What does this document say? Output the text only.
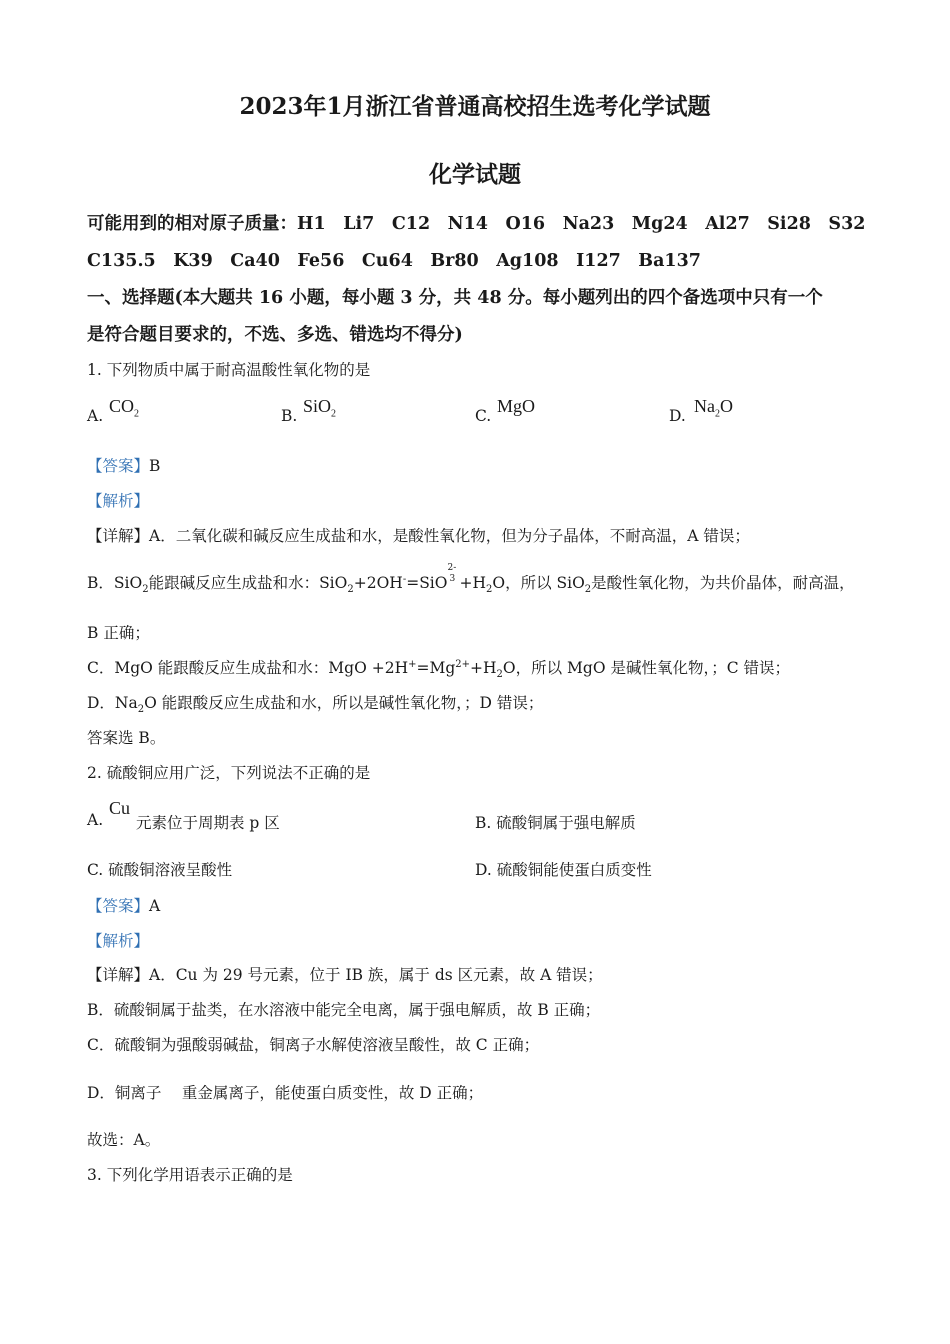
2023年1月浙江省普通高校招生选考化学试题
化学试题
可能用到的相对原子质量：H1　Li7　C12　N14　O16　Na23　Mg24　Al27　Si28　S32
C135.5　K39　Ca40　Fe56　Cu64　Br80　Ag108　I127　Ba137
一、选择题(本大题共 16 小题，每小题 3 分，共 48 分。每小题列出的四个备选项中只有一个
是符合题目要求的，不选、多选、错选均不得分)
1. 下列物质中属于耐高温酸性氧化物的是
A. $CO_2$	B. SiO$_2$	C. MgO	D. $Na_2O$
【答案】B
【解析】
【详解】A．二氧化碳和碱反应生成盐和水，是酸性氧化物，但为分子晶体，不耐高温，A 错误；
B．SiO$_2$能跟碱反应生成盐和水：SiO$_2$+2OH-=SiO
2-
$3 +H_2O$，所以 SiO$_2$是酸性氧化物，为共价晶体，耐高温，
B 正确；
C．MgO 能跟酸反应生成盐和水：MgO $+2H^+=Mg^{2+}+H_2O$，所以 MgO 是碱性氧化物，；C 错误；
D．$Na_2O$ 能跟酸反应生成盐和水，所以是碱性氧化物，；D 错误；
答案选 B。
2. 硫酸铜应用广泛，下列说法不正确的是
A.
Cu
元素位于周期表 p 区	B. 硫酸铜属于强电解质
C. 硫酸铜溶液呈酸性	D. 硫酸铜能使蛋白质变性
【答案】A
【解析】
【详解】A．Cu 为 29 号元素，位于 IB 族，属于 ds 区元素，故 A 错误；
B．硫酸铜属于盐类，在水溶液中能完全电离，属于强电解质，故 B 正确；
C．硫酸铜为强酸弱碱盐，铜离子水解使溶液呈酸性，故 C 正确；
D．铜离子　 重金属离子，能使蛋白质变性，故 D 正确；
故选：A。
3. 下列化学用语表示正确的是
